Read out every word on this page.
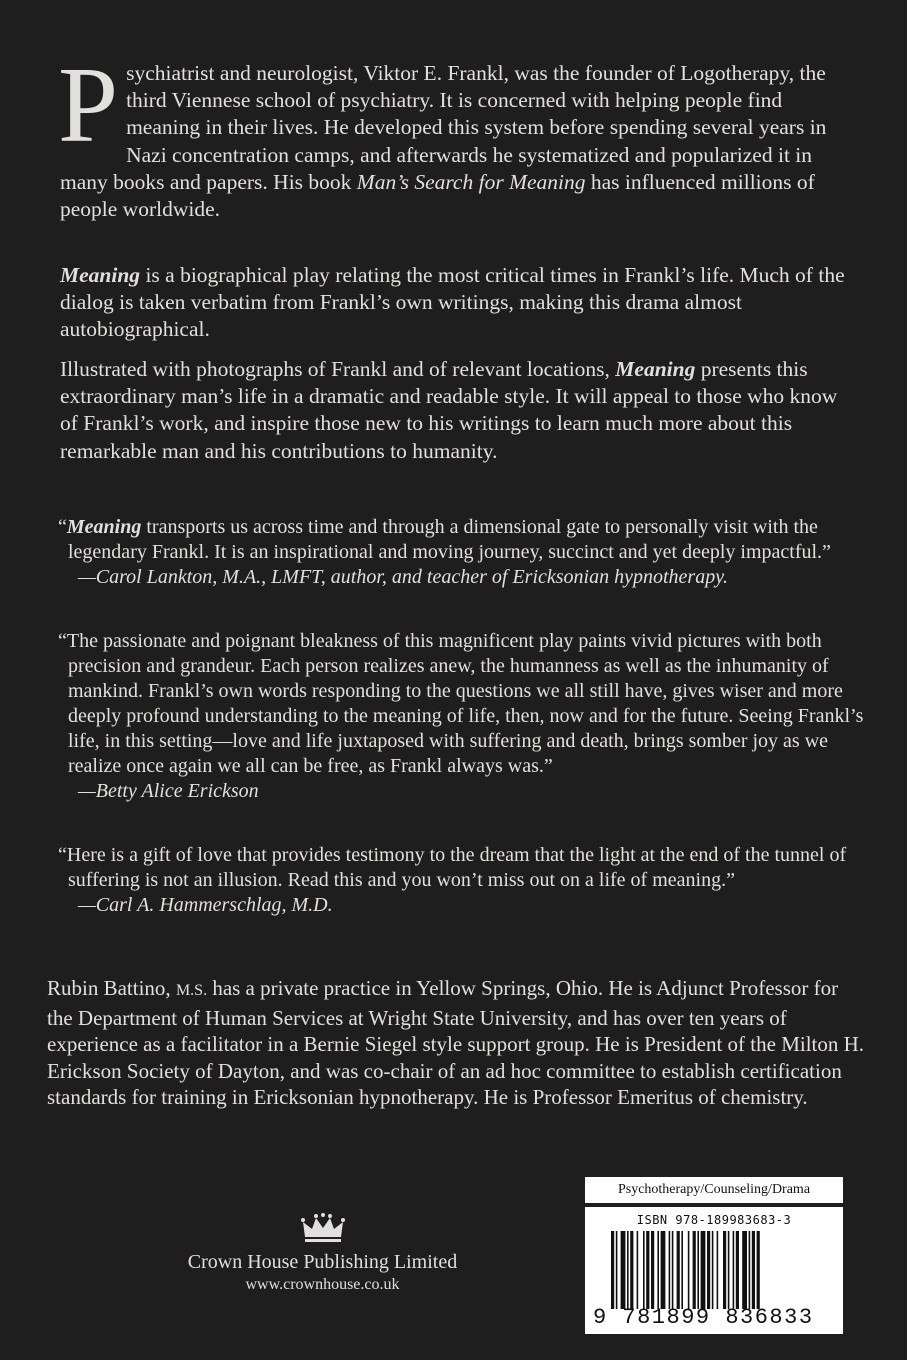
Psychiatrist and neurologist, Viktor E. Frankl, was the founder of Logotherapy, the third Viennese school of psychiatry. It is concerned with helping people find meaning in their lives. He developed this system before spending several years in Nazi concentration camps, and afterwards he systematized and popularized it in many books and papers. His book Man’s Search for Meaning has influenced millions of people worldwide.

Meaning is a biographical play relating the most critical times in Frankl’s life. Much of the dialog is taken verbatim from Frankl’s own writings, making this drama almost autobiographical.

Illustrated with photographs of Frankl and of relevant locations, Meaning presents this extraordinary man’s life in a dramatic and readable style. It will appeal to those who know of Frankl’s work, and inspire those new to his writings to learn much more about this remarkable man and his contributions to humanity.

“Meaning transports us across time and through a dimensional gate to personally visit with the legendary Frankl. It is an inspirational and moving journey, succinct and yet deeply impactful.”
—Carol Lankton, M.A., LMFT, author, and teacher of Ericksonian hypnotherapy.

“The passionate and poignant bleakness of this magnificent play paints vivid pictures with both precision and grandeur. Each person realizes anew, the humanness as well as the inhumanity of mankind. Frankl’s own words responding to the questions we all still have, gives wiser and more deeply profound understanding to the meaning of life, then, now and for the future. Seeing Frankl’s life, in this setting—love and life juxtaposed with suffering and death, brings somber joy as we realize once again we all can be free, as Frankl always was.”
—Betty Alice Erickson

“Here is a gift of love that provides testimony to the dream that the light at the end of the tunnel of suffering is not an illusion. Read this and you won’t miss out on a life of meaning.”
—Carl A. Hammerschlag, M.D.

Rubin Battino, M.S. has a private practice in Yellow Springs, Ohio. He is Adjunct Professor for the Department of Human Services at Wright State University, and has over ten years of experience as a facilitator in a Bernie Siegel style support group. He is President of the Milton H. Erickson Society of Dayton, and was co-chair of an ad hoc committee to establish certification standards for training in Ericksonian hypnotherapy. He is Professor Emeritus of chemistry.

Crown House Publishing Limited
www.crownhouse.co.uk
Psychotherapy/Counseling/Drama
ISBN 978-189983683-3
9 781899 836833
